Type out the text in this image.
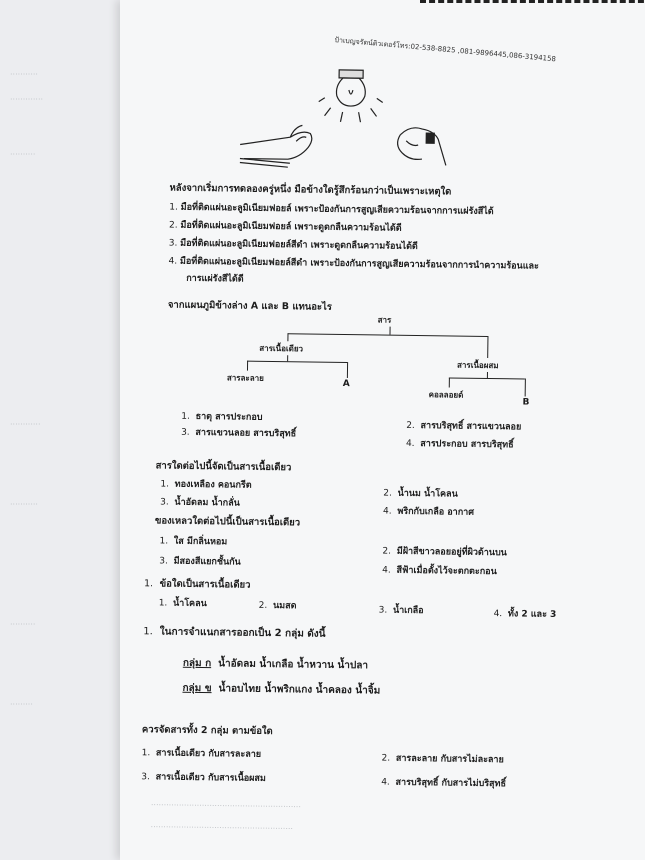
···········
·············
··········
············
···········
··········
·········
ป้าเบญจรัตน์ติวเตอร์โทร:02-538-8825 ,081-9896445,086-3194158
หลังจากเริ่มการทดลองครู่หนึ่ง มือข้างใดรู้สึกร้อนกว่าเป็นเพราะเหตุใด
1. มือที่ติดแผ่นอะลูมิเนียมฟอยล์ เพราะป้องกันการสูญเสียความร้อนจากการแผ่รังสีได้
2. มือที่ติดแผ่นอะลูมิเนียมฟอยล์ เพราะดูดกลืนความร้อนได้ดี
3. มือที่ติดแผ่นอะลูมิเนียมฟอยล์สีดำ เพราะดูดกลืนความร้อนได้ดี
4. มือที่ติดแผ่นอะลูมิเนียมฟอยล์สีดำ เพราะป้องกันการสูญเสียความร้อนจากการนำความร้อนและ
การแผ่รังสีได้ดี
จากแผนภูมิข้างล่าง A และ B แทนอะไร
สาร
สารเนื้อเดียว
สารเนื้อผสม
สารละลาย
A
คอลลอยด์
B
1. ธาตุ สารประกอบ
2. สารบริสุทธิ์ สารแขวนลอย
3. สารแขวนลอย สารบริสุทธิ์
4. สารประกอบ สารบริสุทธิ์
สารใดต่อไปนี้จัดเป็นสารเนื้อเดียว
1. ทองเหลือง คอนกรีต
2. น้ำนม น้ำโคลน
3. น้ำอัดลม น้ำกลั่น
4. พริกกับเกลือ อากาศ
ของเหลวใดต่อไปนี้เป็นสารเนื้อเดียว
1. ใส มีกลิ่นหอม
2. มีฝ้าสีขาวลอยอยู่ที่ผิวด้านบน
3. มีสองสีแยกชั้นกัน
4. สีฟ้าเมื่อตั้งไว้จะตกตะกอน
1. ข้อใดเป็นสารเนื้อเดียว
1. น้ำโคลน	2. นมสด	3. น้ำเกลือ	4. ทั้ง 2 และ 3
1. ในการจำแนกสารออกเป็น 2 กลุ่ม ดังนี้
กลุ่ม ก น้ำอัดลม น้ำเกลือ น้ำหวาน น้ำปลา
กลุ่ม ข น้ำอบไทย น้ำพริกแกง น้ำคลอง น้ำจิ้ม
ควรจัดสารทั้ง 2 กลุ่ม ตามข้อใด
1. สารเนื้อเดียว กับสารละลาย	2. สารละลาย กับสารไม่ละลาย
3. สารเนื้อเดียว กับสารเนื้อผสม	4. สารบริสุทธิ์ กับสารไม่บริสุทธิ์
···························································
························································
